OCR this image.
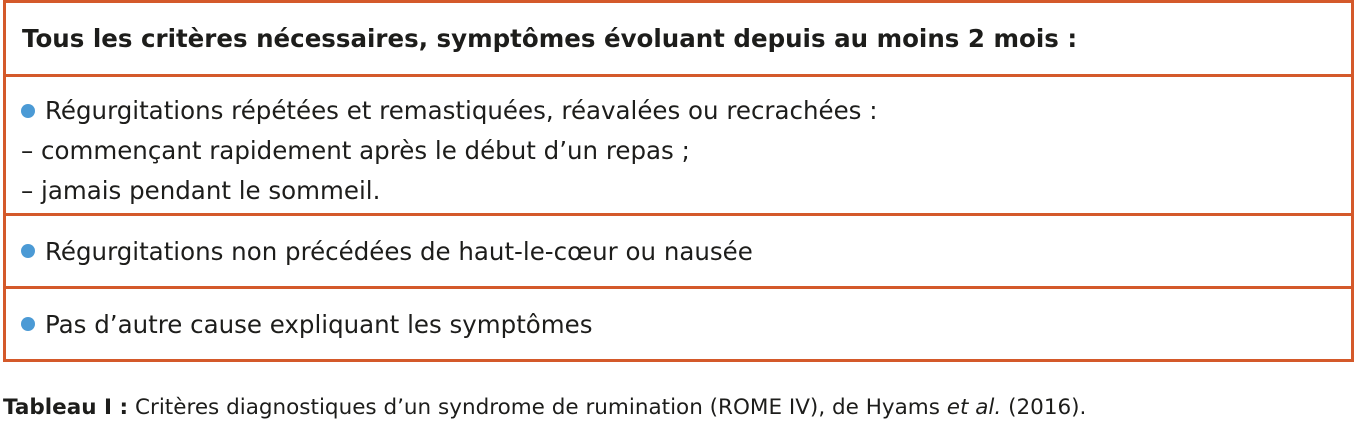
Tous les critères nécessaires, symptômes évoluant depuis au moins 2 mois :
Régurgitations répétées et remastiquées, réavalées ou recrachées :
– commençant rapidement après le début d’un repas ;
– jamais pendant le sommeil.
Régurgitations non précédées de haut-le-cœur ou nausée
Pas d’autre cause expliquant les symptômes
Tableau I : Critères diagnostiques d’un syndrome de rumination (ROME IV), de Hyams et al. (2016).
